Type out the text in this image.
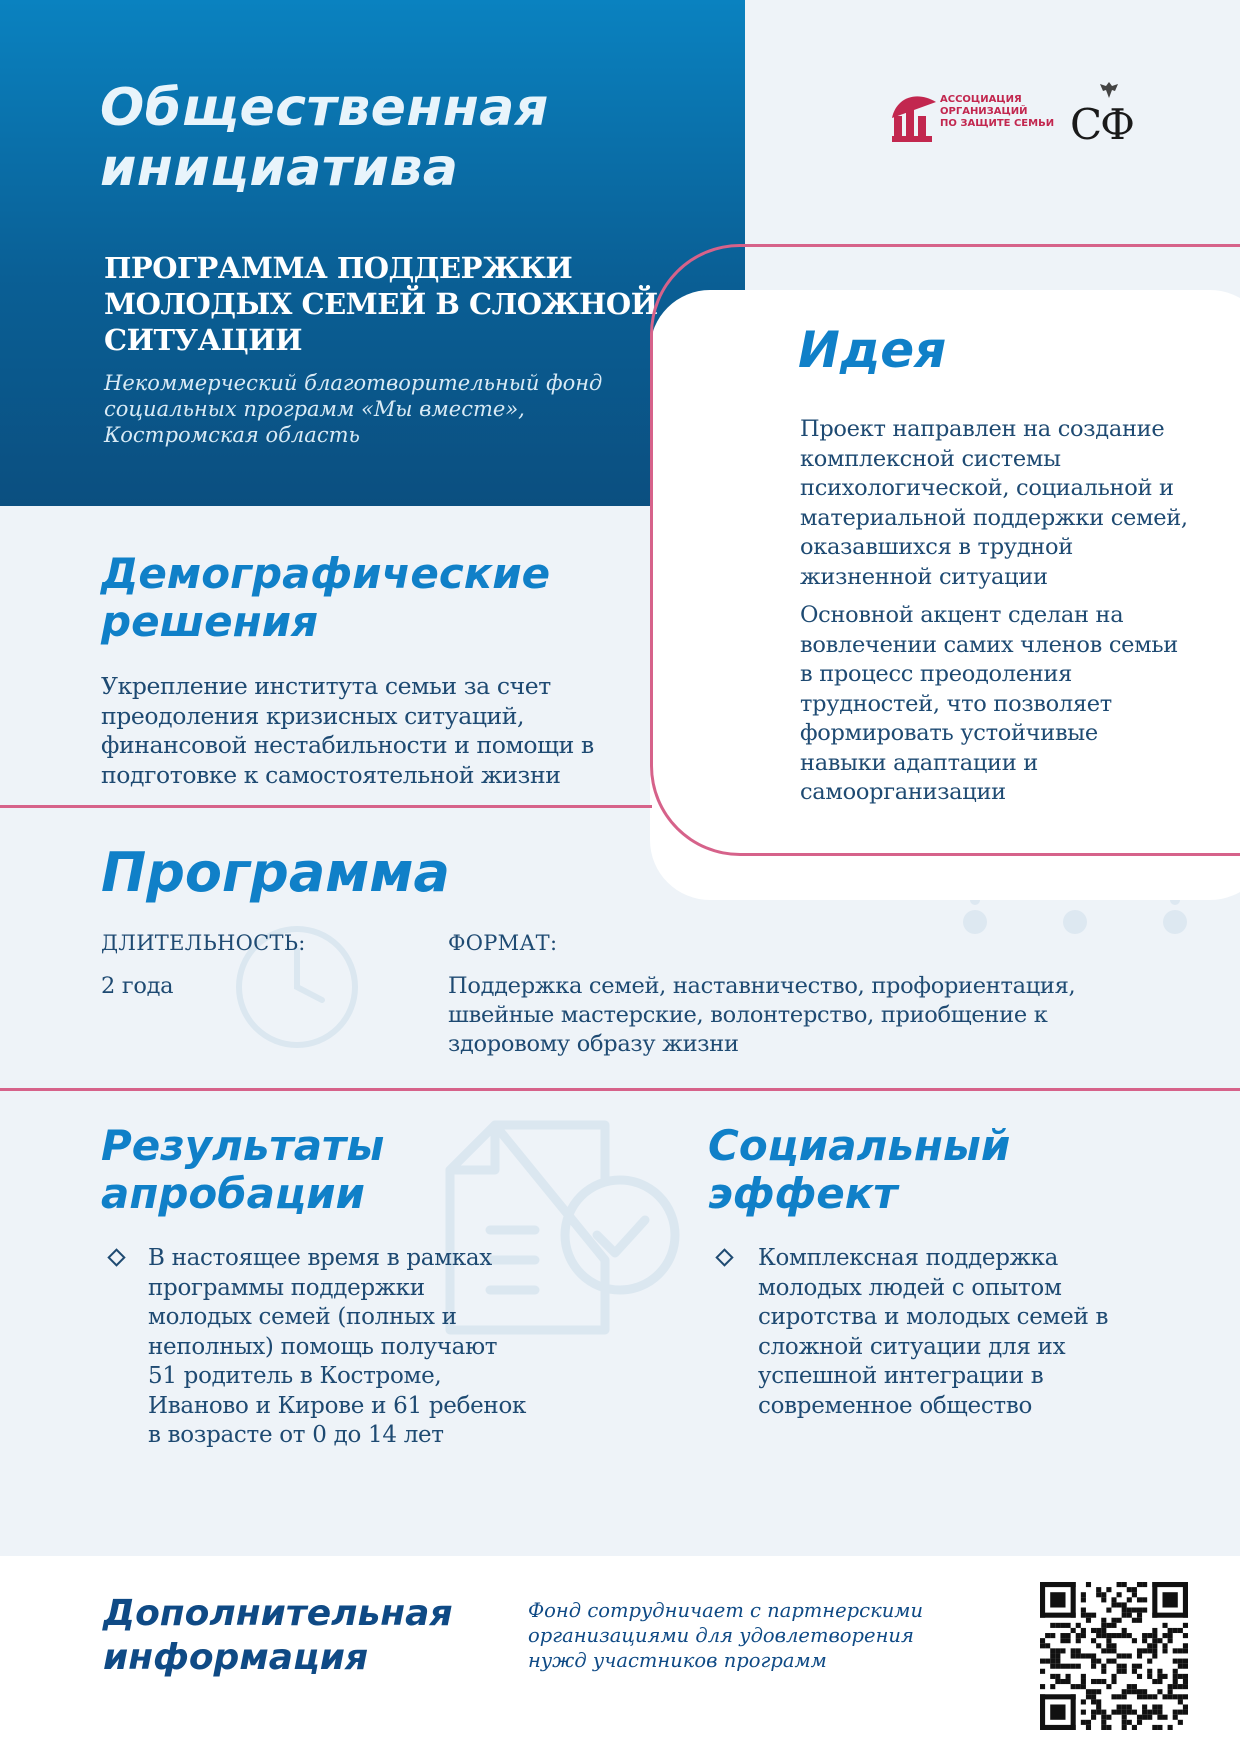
Общественная инициатива
ПРОГРАММА ПОДДЕРЖКИ МОЛОДЫХ СЕМЕЙ В СЛОЖНОЙ СИТУАЦИИ

Некоммерческий благотворительный фонд социальных программ «Мы вместе», Костромская область

АССОЦИАЦИЯ
ОРГАНИЗАЦИЙ
ПО ЗАЩИТЕ СЕМЬИ СФ
Идея

Проект направлен на создание комплексной системы психологической, социальной и материальной поддержки семей, оказавшихся в трудной жизненной ситуации

Основной акцент сделан на вовлечении самих членов семьи в процесс преодоления трудностей, что позволяет формировать устойчивые навыки адаптации и самоорганизации

Демографические решения

Укрепление института семьи за счет преодоления кризисных ситуаций, финансовой нестабильности и помощи в подготовке к самостоятельной жизни

Программа

ДЛИТЕЛЬНОСТЬ:

2 года

ФОРМАТ:

Поддержка семей, наставничество, профориентация, швейные мастерские, волонтерство, приобщение к здоровому образу жизни

Результаты апробации

В настоящее время в рамках программы поддержки молодых семей (полных и неполных) помощь получают 51 родитель в Костроме, Иваново и Кирове и 61 ребенок в возрасте от 0 до 14 лет

Социальный эффект

Комплексная поддержка молодых людей с опытом сиротства и молодых семей в сложной ситуации для их успешной интеграции в современное общество

Дополнительная информация

Фонд сотрудничает с партнерскими организациями для удовлетворения нужд участников программ
